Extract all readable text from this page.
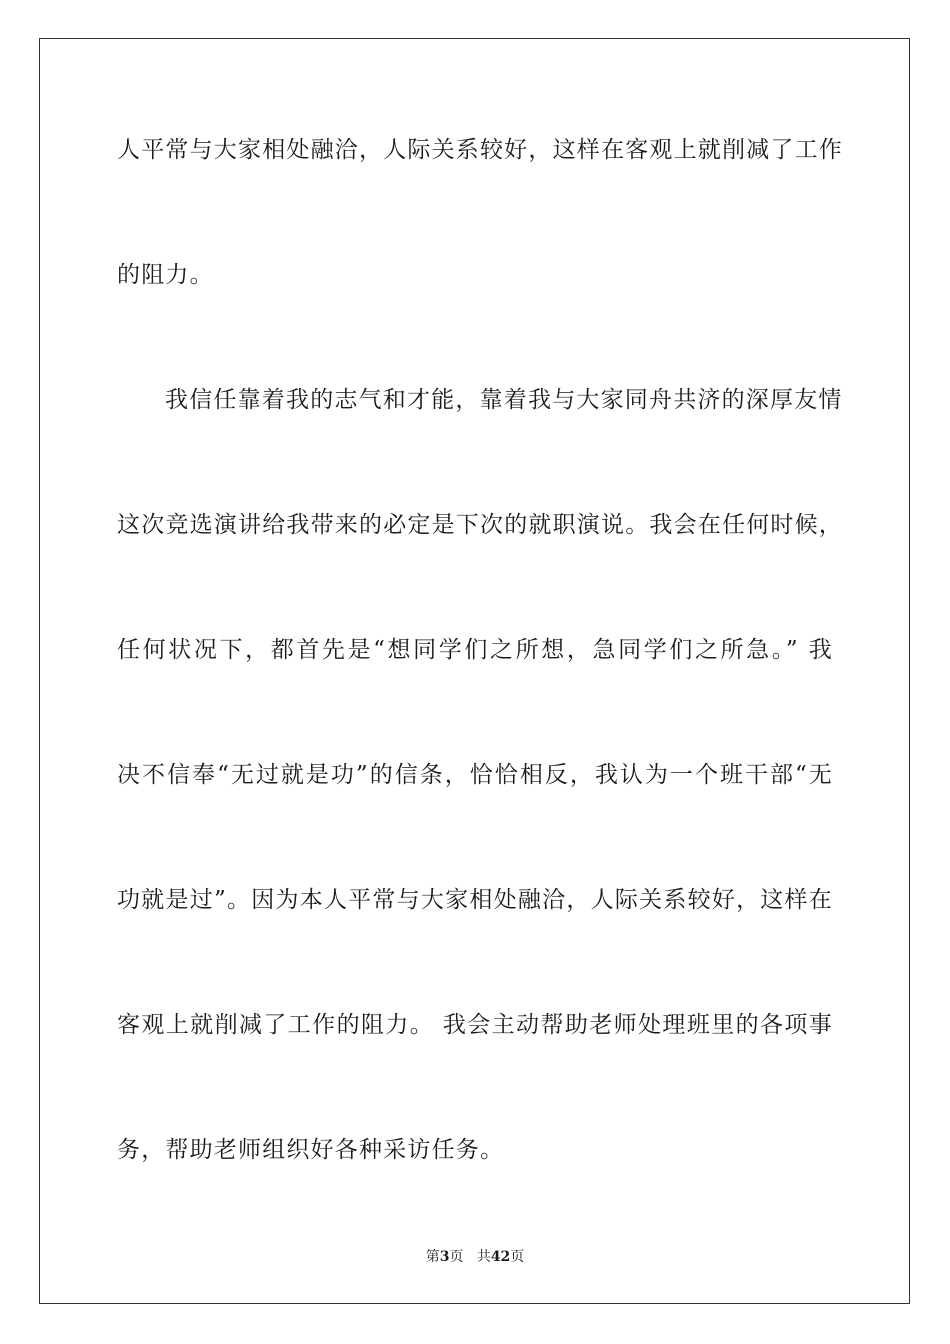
人平常与大家相处融洽，人际关系较好，这样在客观上就削减了工作
的阻力。
我信任靠着我的志气和才能，靠着我与大家同舟共济的深厚友情
这次竞选演讲给我带来的必定是下次的就职演说。我会在任何时候，
任何状况下，都首先是“想同学们之所想，急同学们之所急。” 我
决不信奉“无过就是功”的信条，恰恰相反，我认为一个班干部“无
功就是过”。因为本人平常与大家相处融洽，人际关系较好，这样在
客观上就削减了工作的阻力。 我会主动帮助老师处理班里的各项事
务，帮助老师组织好各种采访任务。
第3页 共42页
